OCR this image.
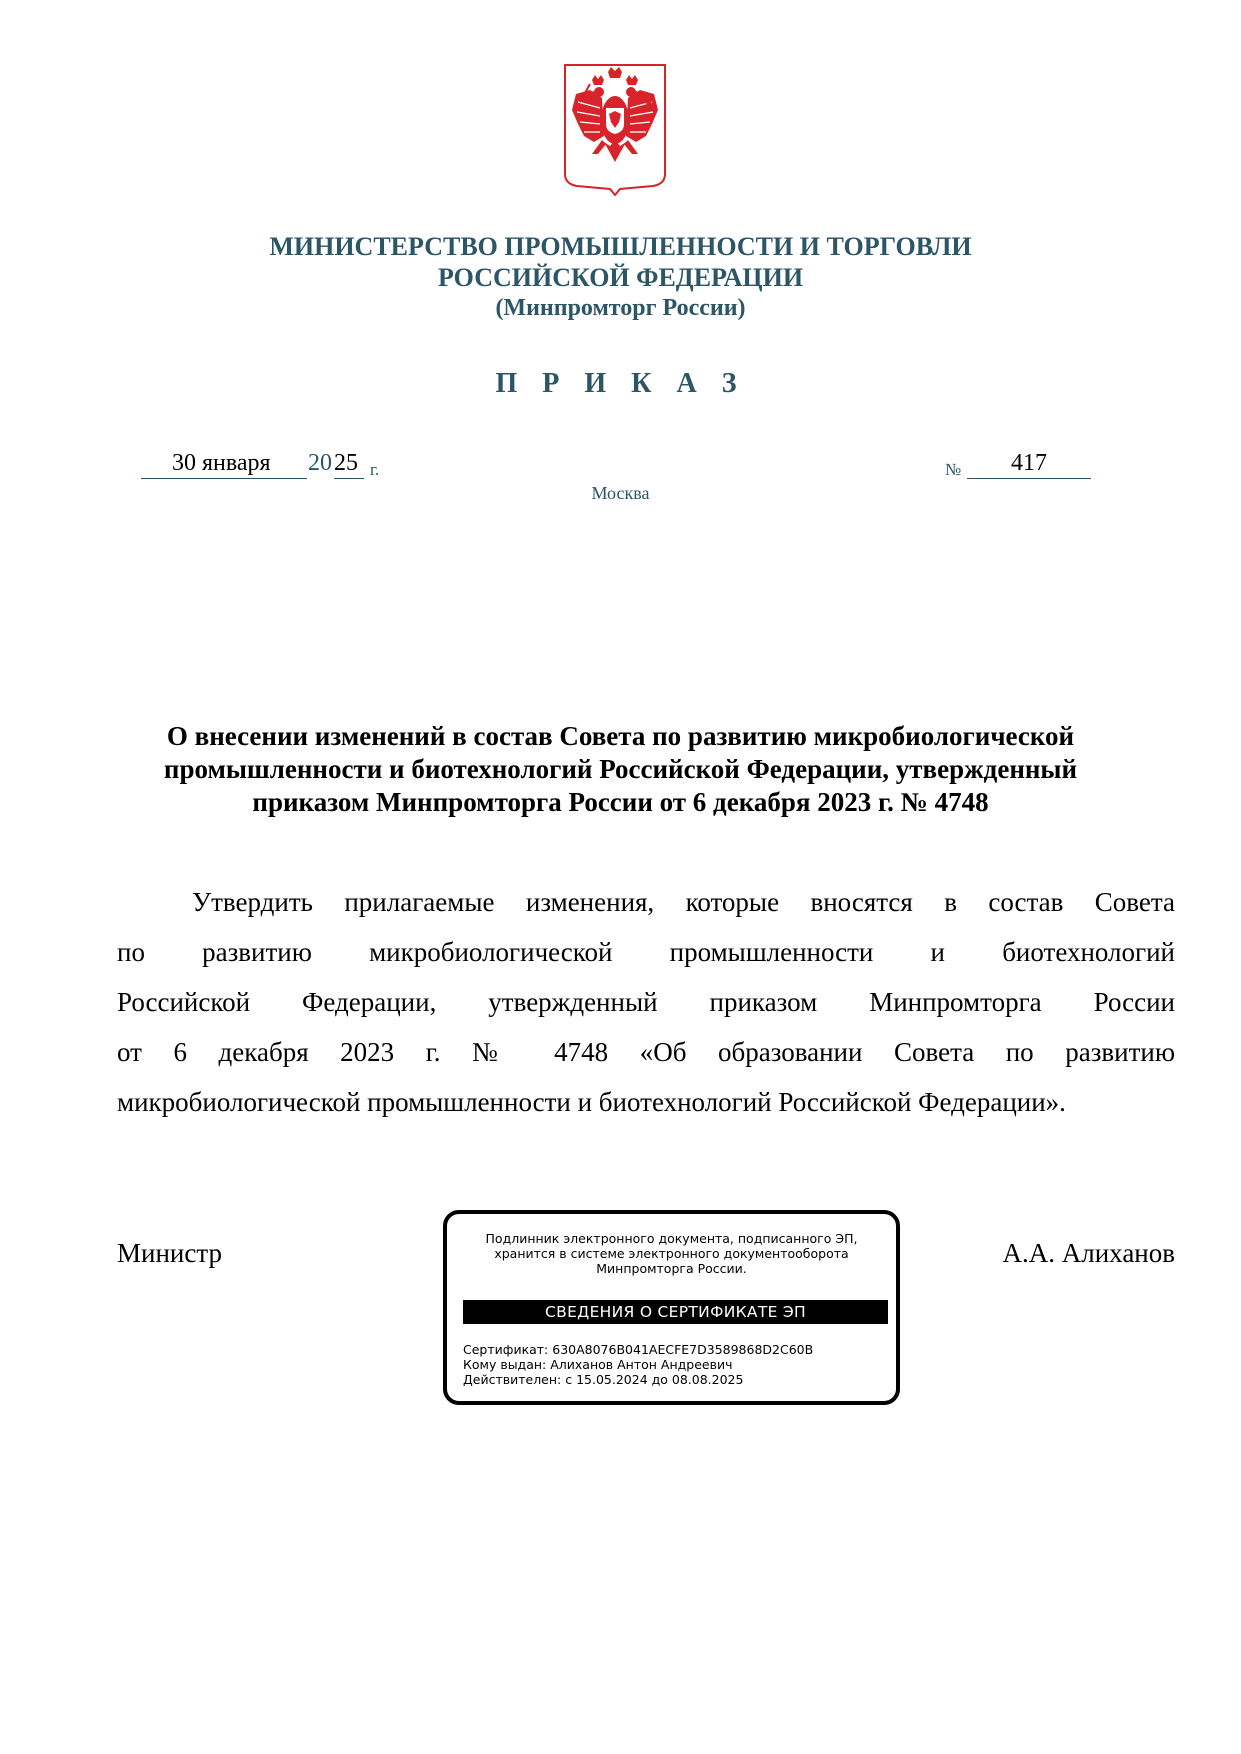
МИНИСТЕРСТВО ПРОМЫШЛЕННОСТИ И ТОРГОВЛИ
РОССИЙСКОЙ ФЕДЕРАЦИИ
(Минпромторг России)
П Р И К А З
30 января 20 25 г.	№ 417
Москва
О внесении изменений в состав Совета по развитию микробиологической
промышленности и биотехнологий Российской Федерации, утвержденный
приказом Минпромторга России от 6 декабря 2023 г. № 4748
Утвердить прилагаемые изменения, которые вносятся в состав Совета
по развитию микробиологической промышленности и биотехнологий
Российской Федерации, утвержденный приказом Минпромторга России
от 6 декабря 2023 г. № 4748 «Об образовании Совета по развитию
микробиологической промышленности и биотехнологий Российской Федерации».
Министр	А.А. Алиханов
Подлинник электронного документа, подписанного ЭП,
хранится в системе электронного документооборота
Минпромторга России.
СВЕДЕНИЯ О СЕРТИФИКАТЕ ЭП
Сертификат: 630A8076B041AECFE7D3589868D2C60B
Кому выдан: Алиханов Антон Андреевич
Действителен: с 15.05.2024 до 08.08.2025
